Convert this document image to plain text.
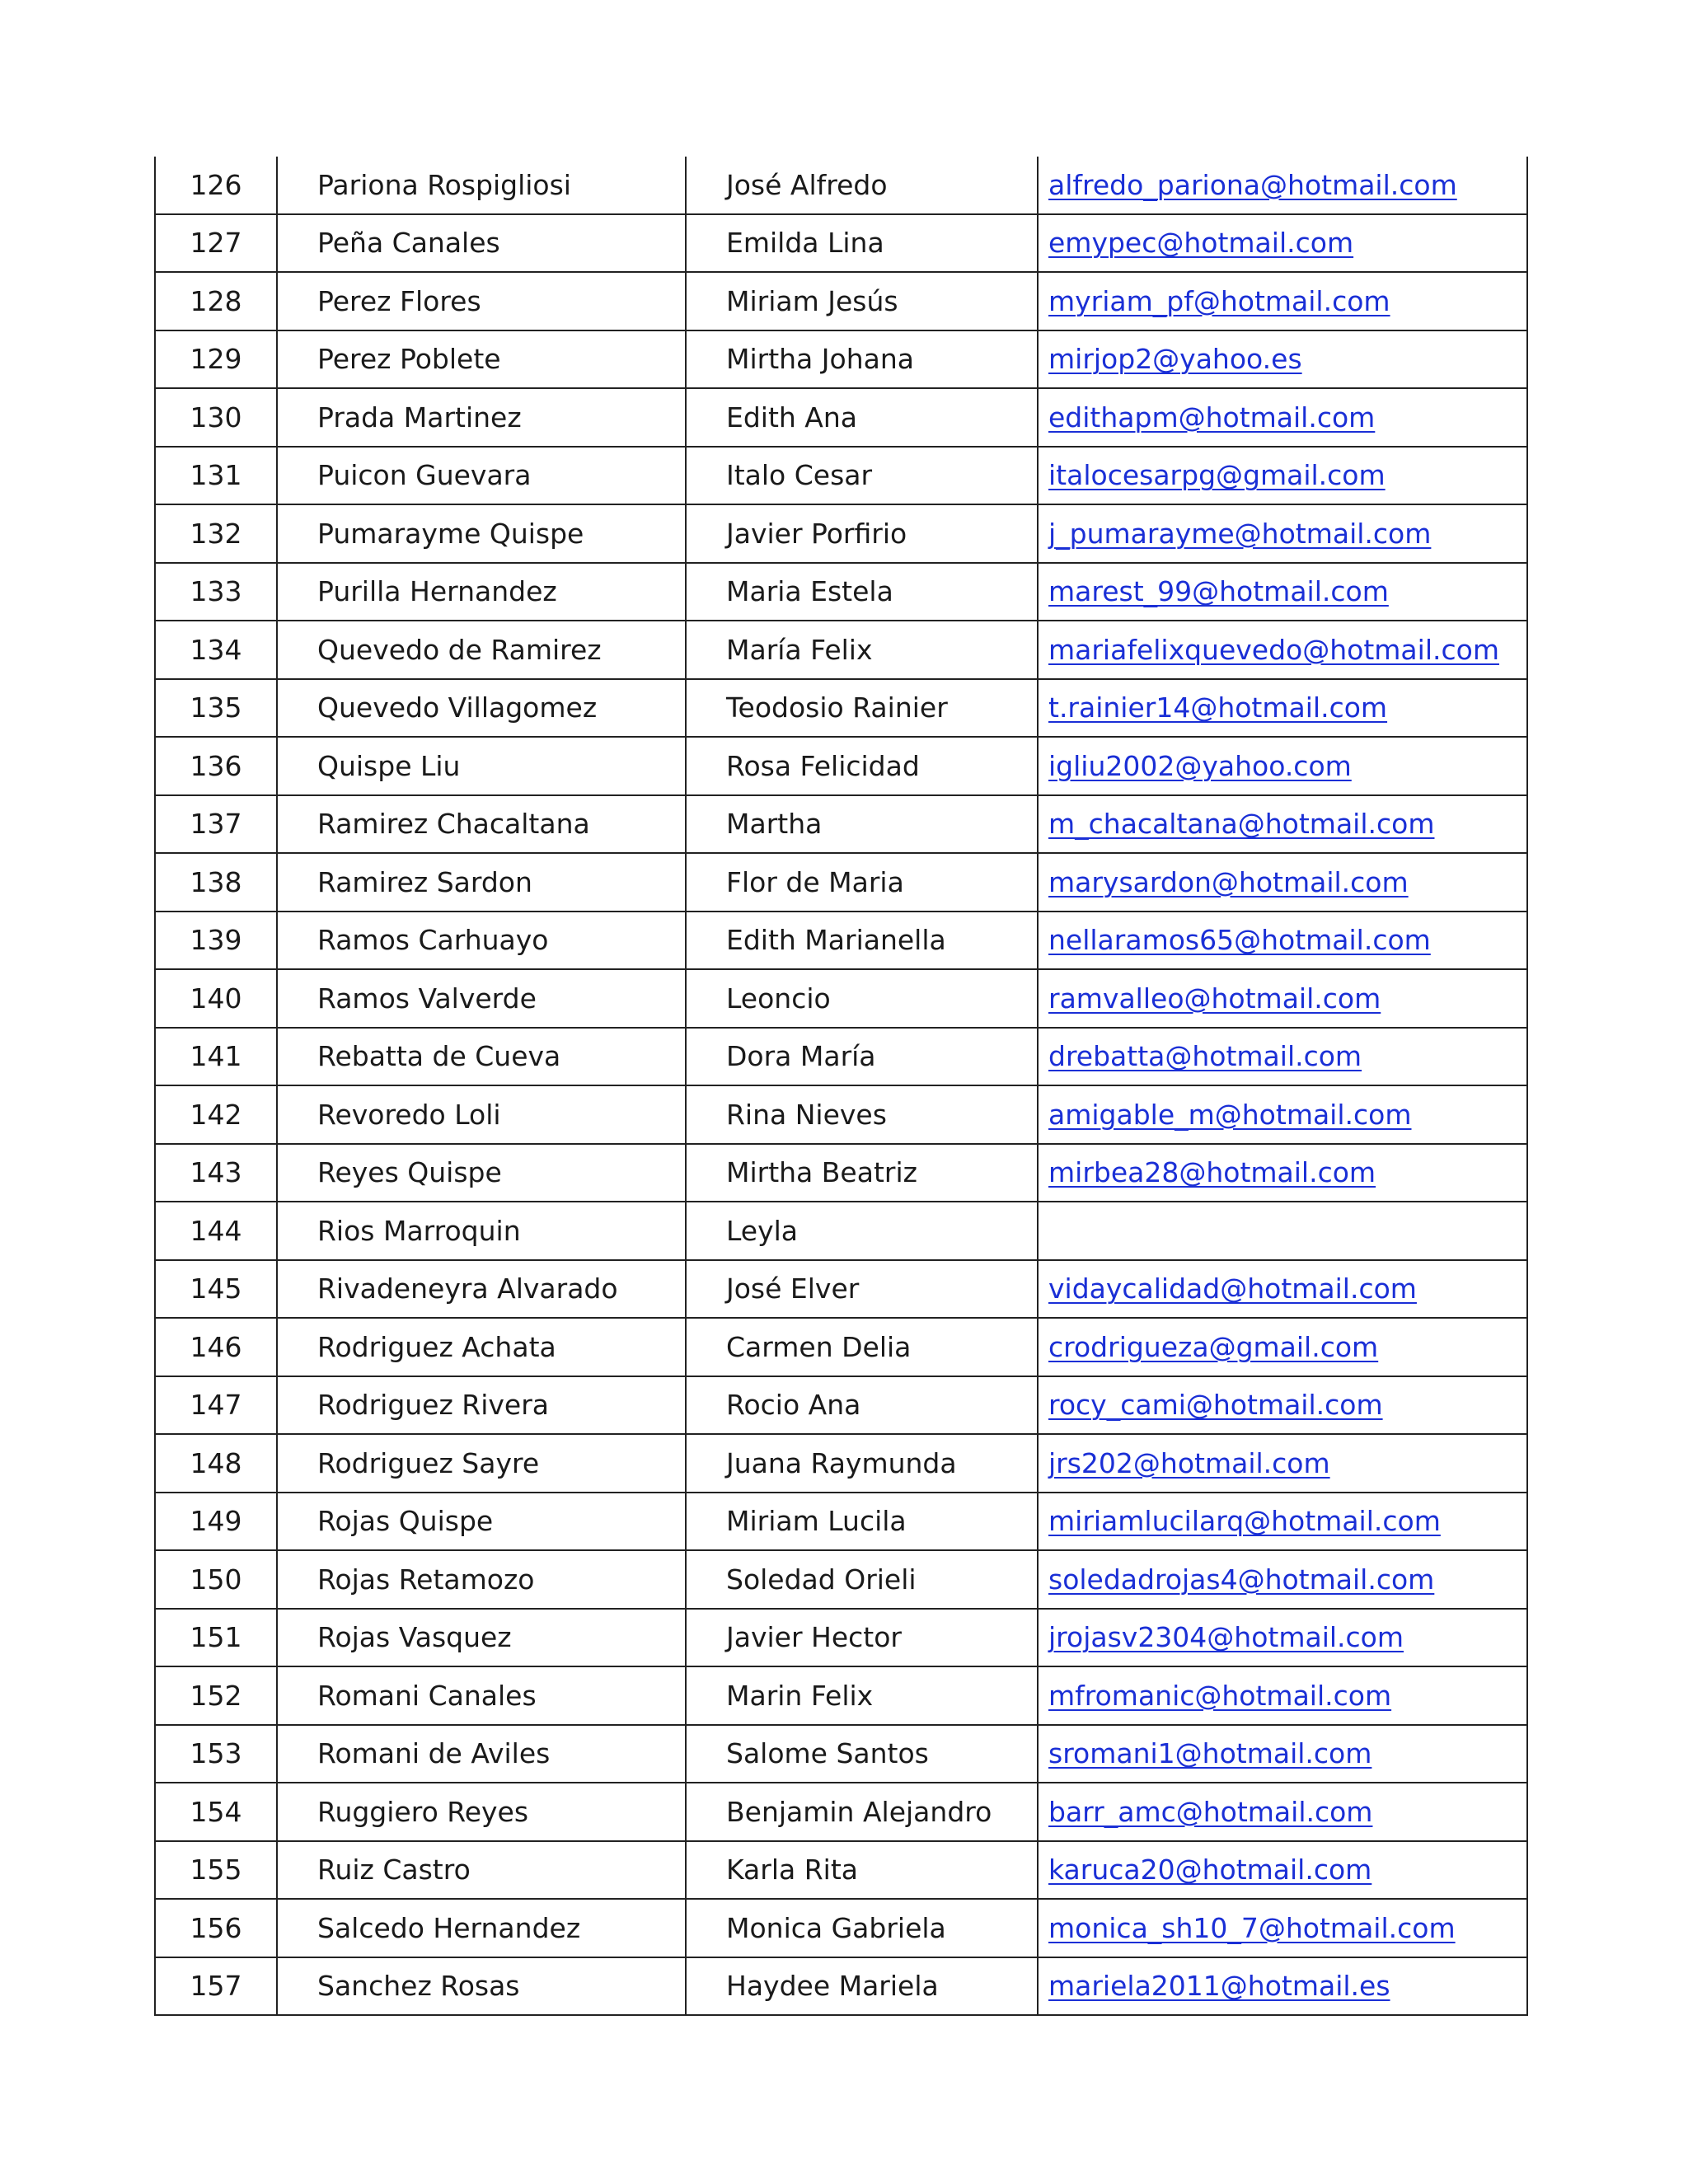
126	Pariona Rospigliosi	José Alfredo	alfredo_pariona@hotmail.com
127	Peña Canales	Emilda Lina	emypec@hotmail.com
128	Perez Flores	Miriam Jesús	myriam_pf@hotmail.com
129	Perez Poblete	Mirtha Johana	mirjop2@yahoo.es
130	Prada Martinez	Edith Ana	edithapm@hotmail.com
131	Puicon Guevara	Italo Cesar	italocesarpg@gmail.com
132	Pumarayme Quispe	Javier Porfirio	j_pumarayme@hotmail.com
133	Purilla Hernandez	Maria Estela	marest_99@hotmail.com
134	Quevedo de Ramirez	María Felix	mariafelixquevedo@hotmail.com
135	Quevedo Villagomez	Teodosio Rainier	t.rainier14@hotmail.com
136	Quispe Liu	Rosa Felicidad	igliu2002@yahoo.com
137	Ramirez Chacaltana	Martha	m_chacaltana@hotmail.com
138	Ramirez Sardon	Flor de Maria	marysardon@hotmail.com
139	Ramos Carhuayo	Edith Marianella	nellaramos65@hotmail.com
140	Ramos Valverde	Leoncio	ramvalleo@hotmail.com
141	Rebatta de Cueva	Dora María	drebatta@hotmail.com
142	Revoredo Loli	Rina Nieves	amigable_m@hotmail.com
143	Reyes Quispe	Mirtha Beatriz	mirbea28@hotmail.com
144	Rios Marroquin	Leyla	
145	Rivadeneyra Alvarado	José Elver	vidaycalidad@hotmail.com
146	Rodriguez Achata	Carmen Delia	crodrigueza@gmail.com
147	Rodriguez Rivera	Rocio Ana	rocy_cami@hotmail.com
148	Rodriguez Sayre	Juana Raymunda	jrs202@hotmail.com
149	Rojas Quispe	Miriam Lucila	miriamlucilarq@hotmail.com
150	Rojas Retamozo	Soledad Orieli	soledadrojas4@hotmail.com
151	Rojas Vasquez	Javier Hector	jrojasv2304@hotmail.com
152	Romani Canales	Marin Felix	mfromanic@hotmail.com
153	Romani de Aviles	Salome Santos	sromani1@hotmail.com
154	Ruggiero Reyes	Benjamin Alejandro	barr_amc@hotmail.com
155	Ruiz Castro	Karla Rita	karuca20@hotmail.com
156	Salcedo Hernandez	Monica Gabriela	monica_sh10_7@hotmail.com
157	Sanchez Rosas	Haydee Mariela	mariela2011@hotmail.es
